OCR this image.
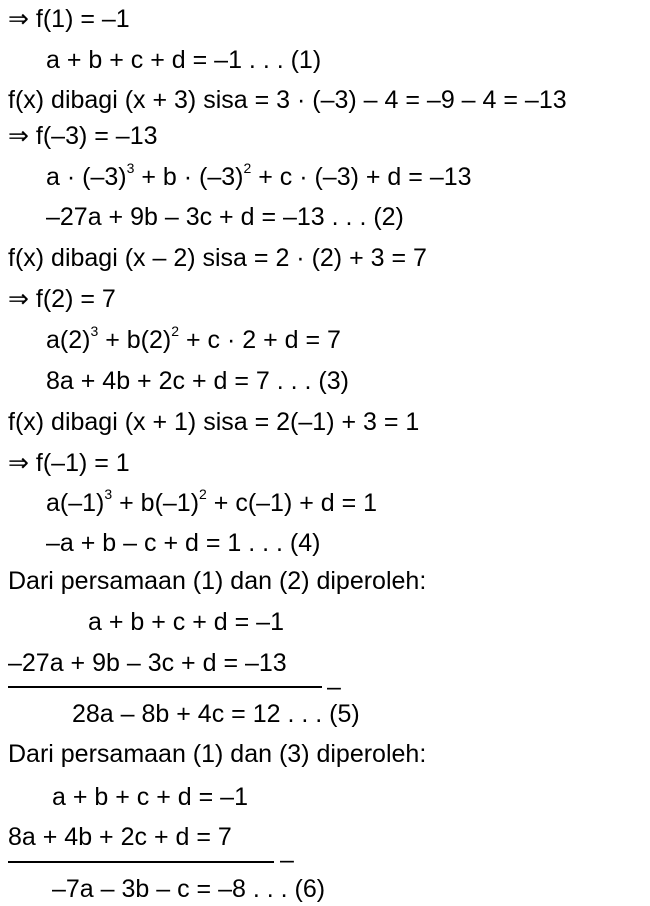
⇒ f(1) = –1
a + b + c + d = –1 . . . (1)
f(x) dibagi (x + 3) sisa = 3 · (–3) – 4 = –9 – 4 = –13
⇒ f(–3) = –13
$a \cdot (-3)^3 + b \cdot (-3)^2 + c \cdot (-3) + d = -13$
–27a + 9b – 3c + d = –13 . . . (2)
f(x) dibagi (x – 2) sisa = 2 · (2) + 3 = 7
⇒ f(2) = 7
$a(2)^3 + b(2)^2 + c \cdot 2 + d = 7$
8a + 4b + 2c + d = 7 . . . (3)
f(x) dibagi (x + 1) sisa = 2(–1) + 3 = 1
⇒ f(–1) = 1
$a(-1)^3 + b(-1)^2 + c(-1) + d = 1$
–a + b – c + d = 1 . . . (4)
Dari persamaan (1) dan (2) diperoleh:
a + b + c + d = –1
–27a + 9b – 3c + d = –13
–
28a – 8b + 4c = 12 . . . (5)
Dari persamaan (1) dan (3) diperoleh:
a + b + c + d = –1
8a + 4b + 2c + d = 7
–
–7a – 3b – c = –8 . . . (6)
